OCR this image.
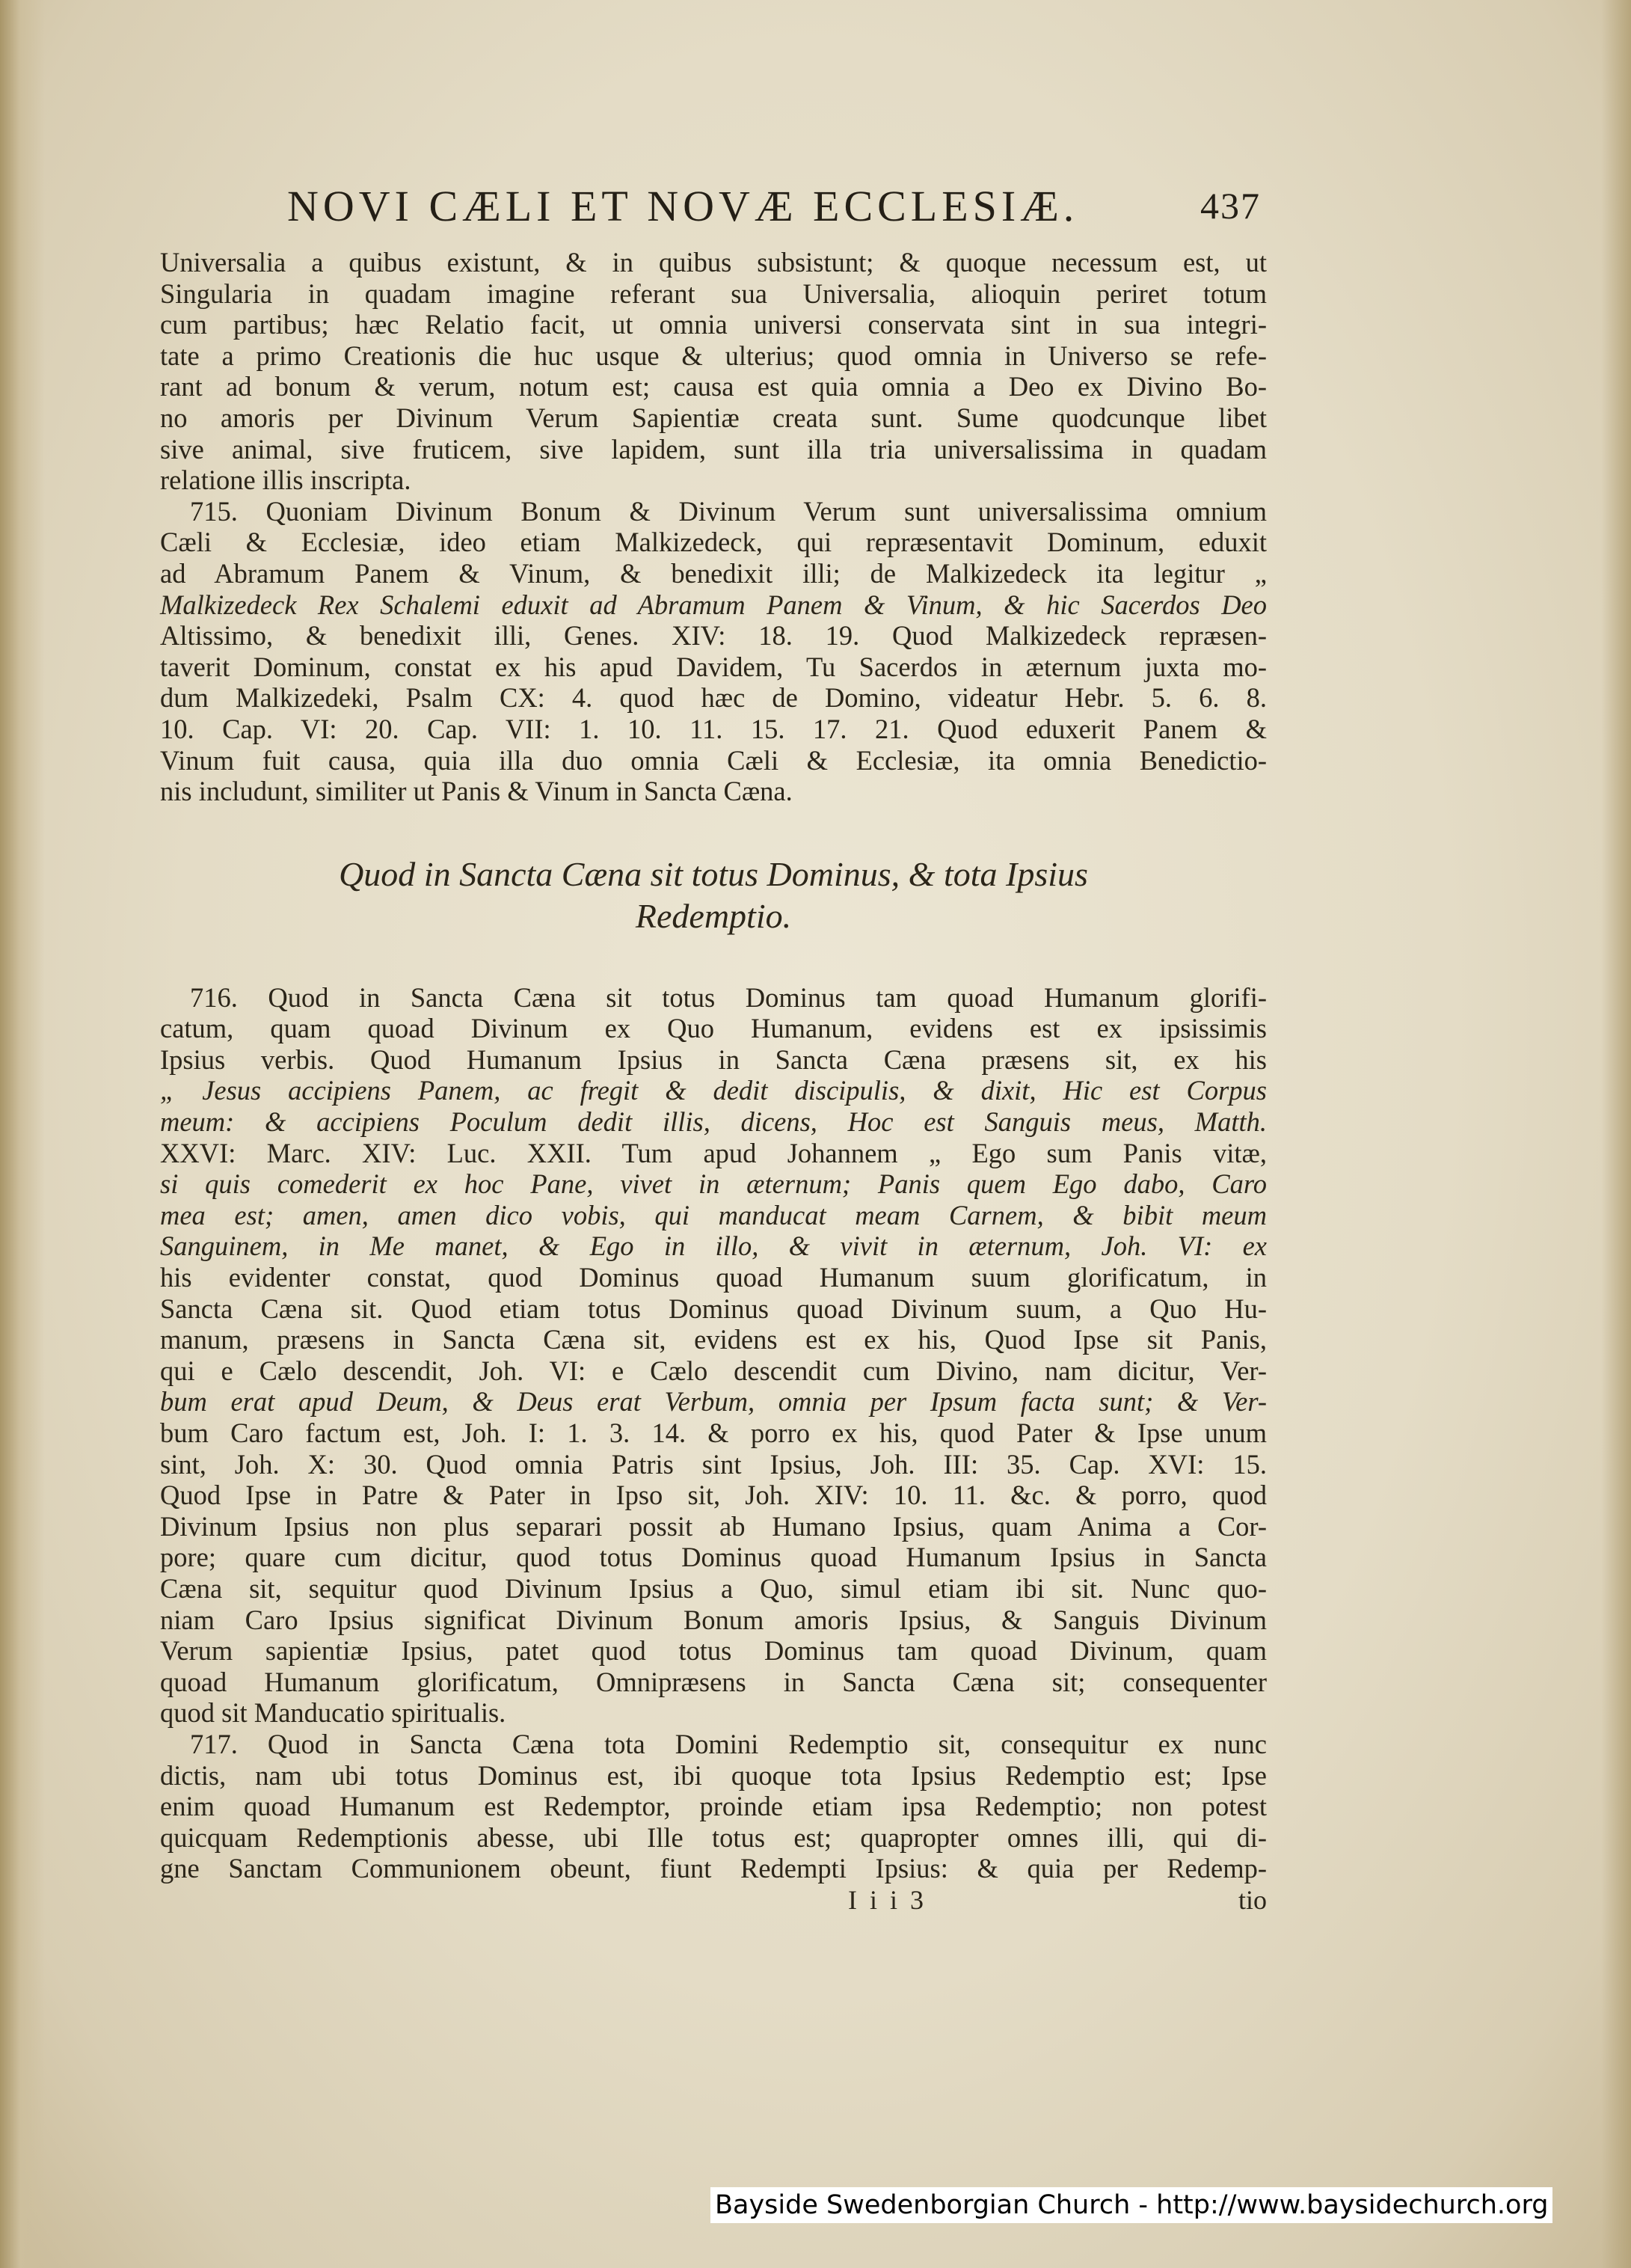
NOVI CÆLI ET NOVÆ ECCLESIÆ.	437

Universalia a quibus existunt, & in quibus subsistunt; & quoque necessum est, ut
Singularia in quadam imagine referant sua Universalia, alioquin periret totum
cum partibus; hæc Relatio facit, ut omnia universi conservata sint in sua integri-
tate a primo Creationis die huc usque & ulterius; quod omnia in Universo se refe-
rant ad bonum & verum, notum est; causa est quia omnia a Deo ex Divino Bo-
no amoris per Divinum Verum Sapientiæ creata sunt. Sume quodcunque libet
sive animal, sive fruticem, sive lapidem, sunt illa tria universalissima in quadam
relatione illis inscripta.

715. Quoniam Divinum Bonum & Divinum Verum sunt universalissima omnium
Cæli & Ecclesiæ, ideo etiam Malkizedeck, qui repræsentavit Dominum, eduxit
ad Abramum Panem & Vinum, & benedixit illi; de Malkizedeck ita legitur „
Malkizedeck Rex Schalemi eduxit ad Abramum Panem & Vinum, & hic Sacerdos Deo
Altissimo, & benedixit illi, Genes. XIV: 18. 19. Quod Malkizedeck repræsen-
taverit Dominum, constat ex his apud Davidem, Tu Sacerdos in æternum juxta mo-
dum Malkizedeki, Psalm CX: 4. quod hæc de Domino, videatur Hebr. 5. 6. 8.
10. Cap. VI: 20. Cap. VII: 1. 10. 11. 15. 17. 21. Quod eduxerit Panem &
Vinum fuit causa, quia illa duo omnia Cæli & Ecclesiæ, ita omnia Benedictio-
nis includunt, similiter ut Panis & Vinum in Sancta Cæna.

Quod in Sancta Cæna sit totus Dominus, & tota Ipsius
Redemptio.

716. Quod in Sancta Cæna sit totus Dominus tam quoad Humanum glorifi-
catum, quam quoad Divinum ex Quo Humanum, evidens est ex ipsissimis
Ipsius verbis. Quod Humanum Ipsius in Sancta Cæna præsens sit, ex his
„ Jesus accipiens Panem, ac fregit & dedit discipulis, & dixit, Hic est Corpus
meum: & accipiens Poculum dedit illis, dicens, Hoc est Sanguis meus, Matth.
XXVI: Marc. XIV: Luc. XXII. Tum apud Johannem „ Ego sum Panis vitæ,
si quis comederit ex hoc Pane, vivet in æternum; Panis quem Ego dabo, Caro
mea est; amen, amen dico vobis, qui manducat meam Carnem, & bibit meum
Sanguinem, in Me manet, & Ego in illo, & vivit in æternum, Joh. VI: ex
his evidenter constat, quod Dominus quoad Humanum suum glorificatum, in
Sancta Cæna sit. Quod etiam totus Dominus quoad Divinum suum, a Quo Hu-
manum, præsens in Sancta Cæna sit, evidens est ex his, Quod Ipse sit Panis,
qui e Cælo descendit, Joh. VI: e Cælo descendit cum Divino, nam dicitur, Ver-
bum erat apud Deum, & Deus erat Verbum, omnia per Ipsum facta sunt; & Ver-
bum Caro factum est, Joh. I: 1. 3. 14. & porro ex his, quod Pater & Ipse unum
sint, Joh. X: 30. Quod omnia Patris sint Ipsius, Joh. III: 35. Cap. XVI: 15.
Quod Ipse in Patre & Pater in Ipso sit, Joh. XIV: 10. 11. &c. & porro, quod
Divinum Ipsius non plus separari possit ab Humano Ipsius, quam Anima a Cor-
pore; quare cum dicitur, quod totus Dominus quoad Humanum Ipsius in Sancta
Cæna sit, sequitur quod Divinum Ipsius a Quo, simul etiam ibi sit. Nunc quo-
niam Caro Ipsius significat Divinum Bonum amoris Ipsius, & Sanguis Divinum
Verum sapientiæ Ipsius, patet quod totus Dominus tam quoad Divinum, quam
quoad Humanum glorificatum, Omnipræsens in Sancta Cæna sit; consequenter
quod sit Manducatio spiritualis.

717. Quod in Sancta Cæna tota Domini Redemptio sit, consequitur ex nunc
dictis, nam ubi totus Dominus est, ibi quoque tota Ipsius Redemptio est; Ipse
enim quoad Humanum est Redemptor, proinde etiam ipsa Redemptio; non potest
quicquam Redemptionis abesse, ubi Ille totus est; quapropter omnes illi, qui di-
gne Sanctam Communionem obeunt, fiunt Redempti Ipsius: & quia per Redemp-

I i i 3	tio
Bayside Swedenborgian Church - http://www.baysidechurch.org
